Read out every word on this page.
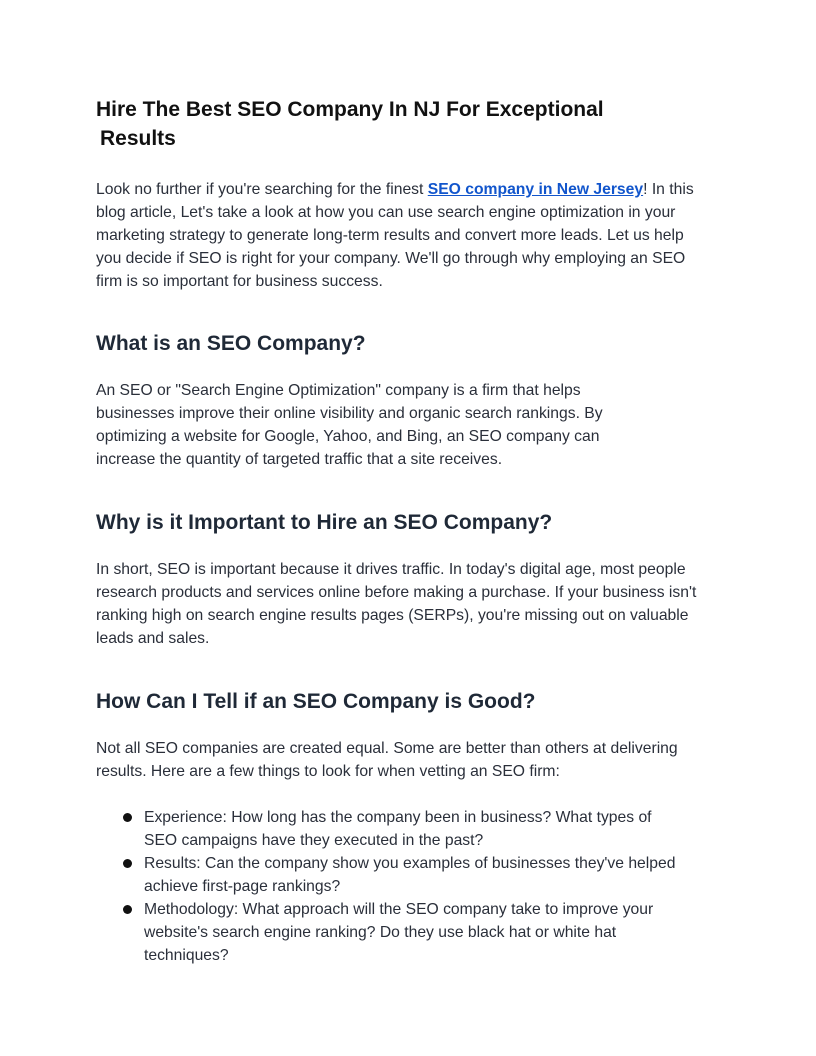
Hire The Best SEO Company In NJ For Exceptional
Results

Look no further if you're searching for the finest SEO company in New Jersey! In this blog article, Let's take a look at how you can use search engine optimization in your marketing strategy to generate long-term results and convert more leads. Let us help you decide if SEO is right for your company. We'll go through why employing an SEO firm is so important for business success.

What is an SEO Company?

An SEO or "Search Engine Optimization" company is a firm that helps businesses improve their online visibility and organic search rankings. By optimizing a website for Google, Yahoo, and Bing, an SEO company can increase the quantity of targeted traffic that a site receives.

Why is it Important to Hire an SEO Company?

In short, SEO is important because it drives traffic. In today's digital age, most people research products and services online before making a purchase. If your business isn't ranking high on search engine results pages (SERPs), you're missing out on valuable leads and sales.

How Can I Tell if an SEO Company is Good?

Not all SEO companies are created equal. Some are better than others at delivering results. Here are a few things to look for when vetting an SEO firm:

Experience: How long has the company been in business? What types of SEO campaigns have they executed in the past?
Results: Can the company show you examples of businesses they've helped achieve first-page rankings?
Methodology: What approach will the SEO company take to improve your website's search engine ranking? Do they use black hat or white hat techniques?
